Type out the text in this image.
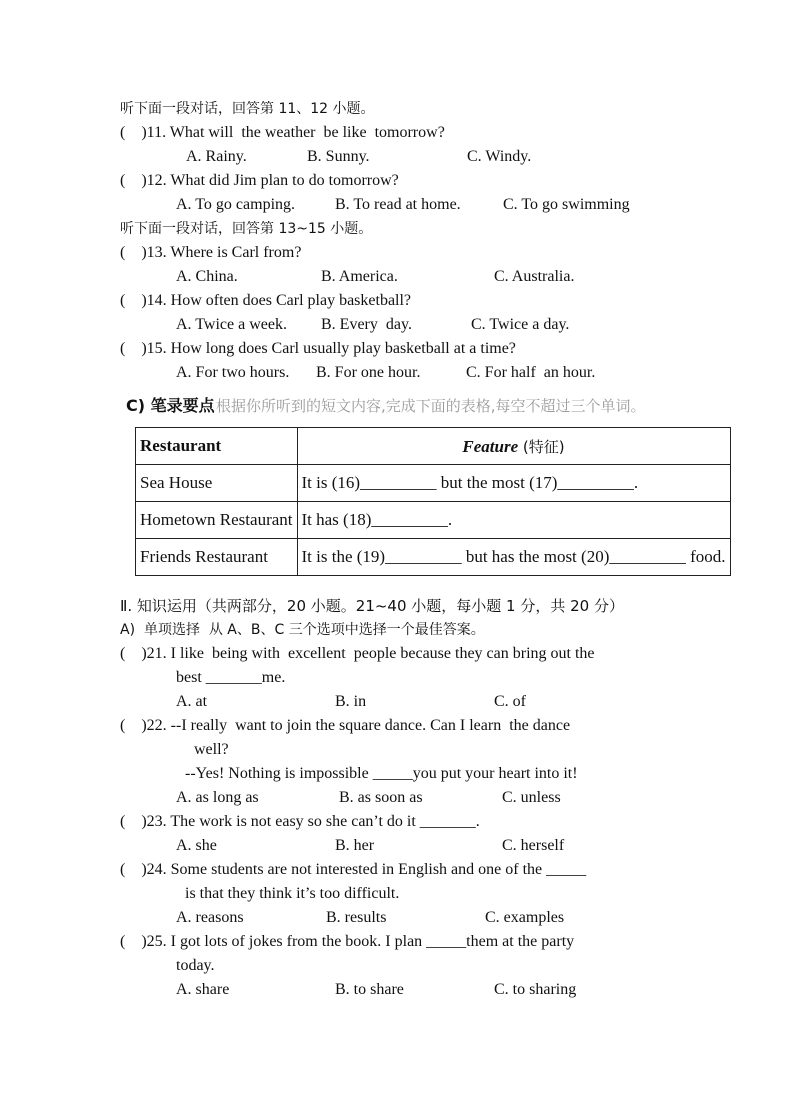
听下面一段对话，回答第 11、12 小题。
(    )11. What will  the weather  be like  tomorrow?
A. Rainy.	B. Sunny.	C. Windy.
(    )12. What did Jim plan to do tomorrow?
A. To go camping. B. To read at home.	C. To go swimming
听下面一段对话，回答第 13~15 小题。
(    )13. Where is Carl from?
A. China.	B. America.	C. Australia.
(    )14. How often does Carl play basketball?
A. Twice a week. B. Every  day.	C. Twice a day.
(    )15. How long does Carl usually play basketball at a time?
A. For two hours. B. For one hour.	C. For half  an hour.
C) 笔录要点 根据你所听到的短文内容,完成下面的表格,每空不超过三个单词。
Restaurant	Feature (特征)
Sea House	It is (16)_________ but the most (17)_________.
Hometown Restaurant	It has (18)_________.
Friends Restaurant	It is the (19)_________ but has the most (20)_________ food.
Ⅱ. 知识运用（共两部分，20 小题。21~40 小题，每小题 1 分，共 20 分）
A)  单项选择  从 A、B、C 三个选项中选择一个最佳答案。
(    )21. I like  being with  excellent  people because they can bring out the
best _______me.
A. at	B. in	C. of
(    )22. --I really  want to join the square dance. Can I learn  the dance
well?
--Yes! Nothing is impossible _____you put your heart into it!
A. as long as	B. as soon as	C. unless
(    )23. The work is not easy so she can’t do it _______.
A. she	B. her	C. herself
(    )24. Some students are not interested in English and one of the _____
is that they think it’s too difficult.
A. reasons	B. results	C. examples
(    )25. I got lots of jokes from the book. I plan _____them at the party
today.
A. share	B. to share	C. to sharing
